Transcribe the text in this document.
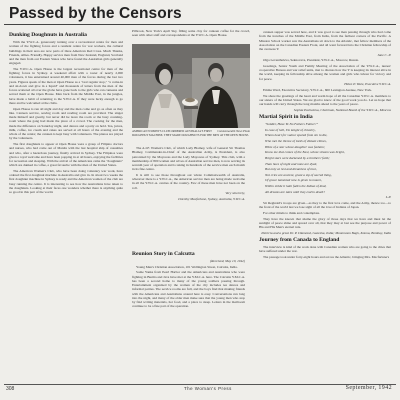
Passed by the Censors
Dunking Doughnuts in Australia

With the Y.W.C.A. generously turning over a recreational centre for men and women of the fighting forces and a resident centre for war workers, the cultural buildings in their area are now parts of three American Red Cross. Much Thanks, Friends, Allies. Friendly. Happy service men from New Zealand, England, Scotland and the men from our Eastern States who have found the Australian girls generally engaged.

The Y.W.C.A. Open House is the largest recreational centre for men of the fighting forces in Sydney. A weekend affair with a roster of nearly 2,000 volunteers, it has entertained around 40,000 men of the forces during the last two years. Figures speak of the men at Open House as a "real regular stop," "a come-in and sit-down and give in a liquid" and thousands of letters from the men of the forces scattered all over the globe have gone back to the girls who ran canteens and served them at the Open House. Men back from the Middle East, in the jungles, have made a habit of returning to the Y.W.C.A. If they were lucky enough to go there and be welcomed at the clubs.

Open House is run all night and day and the men come and go as often as they like. Canteen service, sewing room and reading room are provided. The singer made himself and greatly, but never did he leave the room or the busy counting-room where the gang had made the place of a crowd. The cooking for the men, made the difference on Saturday night, and dances and a party on hold. Tea, juices, milk, coffee, ice cream and cakes are served at all hours of the evening and the whole of the centre; the canteen is kept busy with volunteers. The pianos are played by the volunteers.

The first doughnuts to appear at Open House were a group of Filipino doctors and nurses, who had come out of Manila with the last hospital ship of casualties and who, after a hazardous journey, finally arrived in Sydney. The Filipinos were given a royal welcome and have been popping in at all hours, enjoying the facilities for recreation and sleeping. With the arrival of the Americans came the "doughnuts" which are dunked in coffee, a great favourite with the men of the United States.

The American Women's Club, who have been doing voluntary war work, have ordered the first doughnut machine in Australia and give in. In about two weeks the first doughnut machine in Sydney is ready and the American women of the club are busy running the centre. It is interesting to see how the Australians have taken to the doughnuts. Looking at their faces one wonders whether there is anything quite so good in this part of the world.

Pilbrook, New York's April Sky, filling some clay for canteen coffee for the crowd, seen with other staff and correspondents at the Y.W.C.A. Open House.
Commonwealth News Photo
AMERICAN WOMEN'S CLUB ORDERED AUSTRALIA'S FIRST DOUGHNUT MACHINE. THEY MADE DOUGHNUTS FOR THE MEN AT THE OPEN HOUSE.

The A.I.F. Women's Club, of which Lady Blamey, wife of General Sir Thomas Blamey, Commander-in-Chief of the Australian Army, is President, is also patronized by the Mayoress and the Lady Mayoress of Sydney. This club, with a membership of 800 women and wives of Australian service men, is now serving its seventh year of operation and is taking in hundreds of the service men each month in its fine centre.

It is still to see those throughout our whole Commonwealth of Australia, wherever there is a Y.W.C.A., the American service men are being made welcome in all the Y.W.C.A. centres of the country. Few of these men have not been on the roll.

Very sincerely,

Dorothy Macfarlane, Sydney, Australia, Y.W.C.A.

Reunion Story in Calcutta

(Received, May 10, 1942)

Young Men's Christian Association, 101 Wellington Street, Calcutta, India.

Some Yanks from Pearl Harbor and the Americans and Australians who were fighting in Burma and Java have met at the Y.M.C.A. here. The Calcutta Y.M.C.A. has been a second home to many of the young soldiers passing through. Entertainment organized by the women of the city includes tea dances and informal parties. The service rooms are full, and the boys find that making friends with the Americans and Australians around here is easy. Conversations run long into the night, and many of the older men make sure that the young men who stop by find writing materials, hot food, and a place to sleep. Letters in the mailroom continue to be a fine part of the operation.

canteen supper was served here, and it was good to see men passing through who had come from the trenches of the Middle East, from India, from the farthest corners of the Pacific. A Mission School worker saw the Australians sit down to the Atlantic, met fellow members of the Association on the Canadian Eastern Front, and all went forward into the Christian fellowship of the overseas Y.

Jane C. P.

Olga Leventhaleva, Seknoveva, President, Y.W.C.A., Moscow, Russia.

Greetings, Senior Youth and Family Meeting of the Association of the Y.W.C.A., nurses' cooperative Bureau and war relief units, met to discuss how the Y is keeping its interest alive in the world, keeping its fellowship alive among the women and girls who labour for victory and for peace.

Helen P. Ware, Executive Y.W.C.A.

Emma Ward, Executive Secretary, Y.W.C.A., 600 Lexington Avenue, New York.

We share the greetings of the heart and warm hope of all the Canadian Y.W.C.A. members to our sisters of the United States. We are glad to know of the good work you do. Let us hope that our hands will carry through the long months ahead to the years of peace.

Sophia Pachalova, Chairman, National Board of the Y.W.C.A., Moscow

Martial Spirit in India

"Soldier, Have Ye No Fathers Father?"

In case of hell, I'm knight of chivalry,

Whom heart for valour spared from sin to die,

Who met the throne of lords of distant climes,

Hints of a star whose daughter was fashion;

Know me that comes of the East, whose stream was bright,

Bright stars were darkened by a brothers' faith;

Than hues of night and none are dyed,

But only at rest and dreamless of love,

Not cries are ancient, grant a sip of sacred thing,

Of grace lamented now is given to mourn,

Within stride it hath fallen the Indian of kind,

All dreams are tales until they end in death?

L.P.

Sir Reginald's troops are given—as they to the first love come, and the Army, thence too—to the front of the world lest we lose sight of all the love of Indians of Japan.

For other minds to think and contemplate.

They have the known that shame the glory of those days that we have and must let the sunlight of peace shine and spread over all, that they may at last see the purpose and power of His and His Men's eternal rule.

Patricia and a great Dr. P. Diamond, Ganesha, India; Moonmoon Bagh, Konna, Bombay, India

Journey from Canada to England

The interview is kind of the work done with Canadian women who are going to the cities that have suffered under the war.

The passage took under forty-eight hours and across the Atlantic, bringing Mrs. Macfarlane's

308	The Woman's Press	September, 1942
